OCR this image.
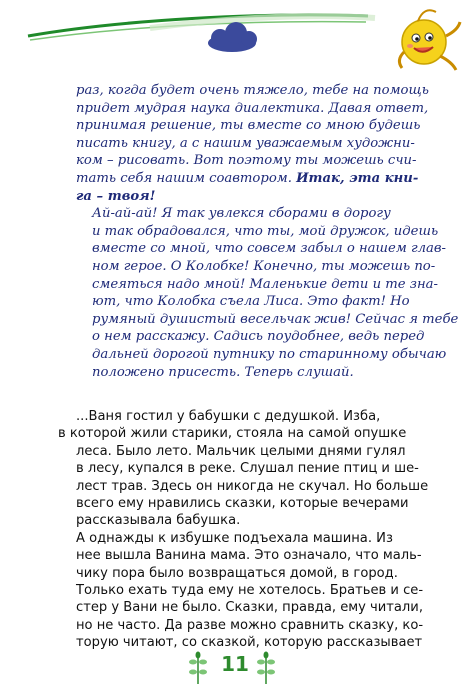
раз, когда будет очень тяжело, тебе на помощь
придет мудрая наука диалектика. Давая ответ,
принимая решение, ты вместе со мною будешь
писать книгу, а с нашим уважаемым художни-
ком – рисовать. Вот поэтому ты можешь счи-
тать себя нашим соавтором. Итак, эта кни-
га – твоя!

Ай-ай-ай! Я так увлекся сборами в дорогу
и так обрадовался, что ты, мой дружок, идешь
вместе со мной, что совсем забыл о нашем глав-
ном герое. О Колобке! Конечно, ты можешь по-
смеяться надо мной! Маленькие дети и те зна-
ют, что Колобка съела Лиса. Это факт! Но
румяный душистый весельчак жив! Сейчас я тебе
о нем расскажу. Садись поудобнее, ведь перед
дальней дорогой путнику по старинному обычаю
положено присесть. Теперь слушай.

...Ваня гостил у бабушки с дедушкой. Изба,
в которой жили старики, стояла на самой опушке
леса. Было лето. Мальчик целыми днями гулял
в лесу, купался в реке. Слушал пение птиц и ше-
лест трав. Здесь он никогда не скучал. Но больше
всего ему нравились сказки, которые вечерами
рассказывала бабушка.

А однажды к избушке подъехала машина. Из
нее вышла Ванина мама. Это означало, что маль-
чику пора было возвращаться домой, в город.
Только ехать туда ему не хотелось. Братьев и се-
стер у Вани не было. Сказки, правда, ему читали,
но не часто. Да разве можно сравнить сказку, ко-
торую читают, со сказкой, которую рассказывает

11
